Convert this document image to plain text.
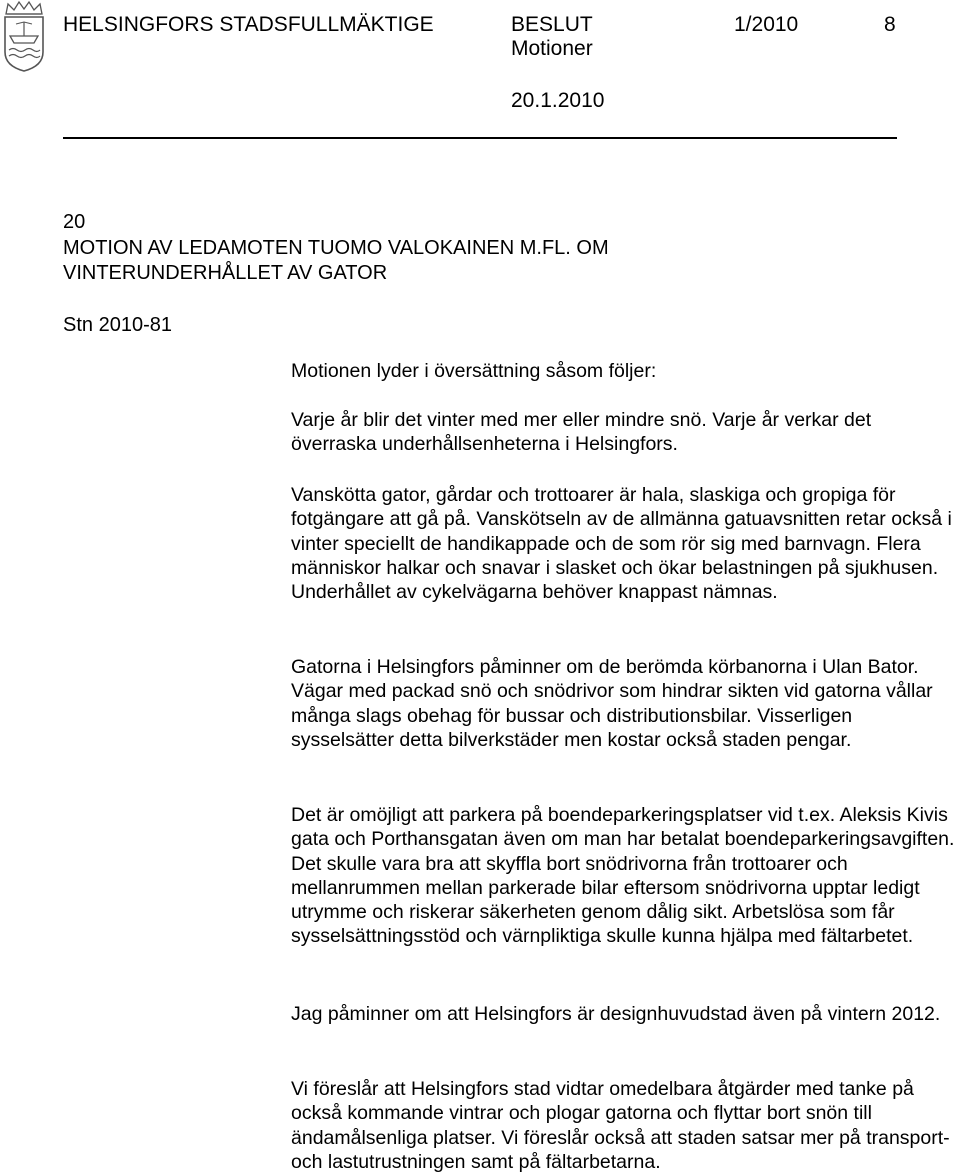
HELSINGFORS STADSFULLMÄKTIGE	BESLUT	1/2010	8
Motioner
20.1.2010
20
MOTION AV LEDAMOTEN TUOMO VALOKAINEN M.FL. OM
VINTERUNDERHÅLLET AV GATOR
Stn 2010-81

Motionen lyder i översättning såsom följer:

Varje år blir det vinter med mer eller mindre snö. Varje år verkar det överraska underhållsenheterna i Helsingfors.

Vanskötta gator, gårdar och trottoarer är hala, slaskiga och gropiga för fotgängare att gå på. Vanskötseln av de allmänna gatuavsnitten retar också i vinter speciellt de handikappade och de som rör sig med barnvagn. Flera människor halkar och snavar i slasket och ökar belastningen på sjukhusen. Underhållet av cykelvägarna behöver knappast nämnas.

Gatorna i Helsingfors påminner om de berömda körbanorna i Ulan Bator. Vägar med packad snö och snödrivor som hindrar sikten vid gatorna vållar många slags obehag för bussar och distributionsbilar. Visserligen sysselsätter detta bilverkstäder men kostar också staden pengar.

Det är omöjligt att parkera på boendeparkeringsplatser vid t.ex. Aleksis Kivis gata och Porthansgatan även om man har betalat boendeparkeringsavgiften. Det skulle vara bra att skyffla bort snödrivorna från trottoarer och mellanrummen mellan parkerade bilar eftersom snödrivorna upptar ledigt utrymme och riskerar säkerheten genom dålig sikt. Arbetslösa som får sysselsättningsstöd och värnpliktiga skulle kunna hjälpa med fältarbetet.

Jag påminner om att Helsingfors är designhuvudstad även på vintern 2012.

Vi föreslår att Helsingfors stad vidtar omedelbara åtgärder med tanke på också kommande vintrar och plogar gatorna och flyttar bort snön till ändamålsenliga platser. Vi föreslår också att staden satsar mer på transport- och lastutrustningen samt på fältarbetarna.
